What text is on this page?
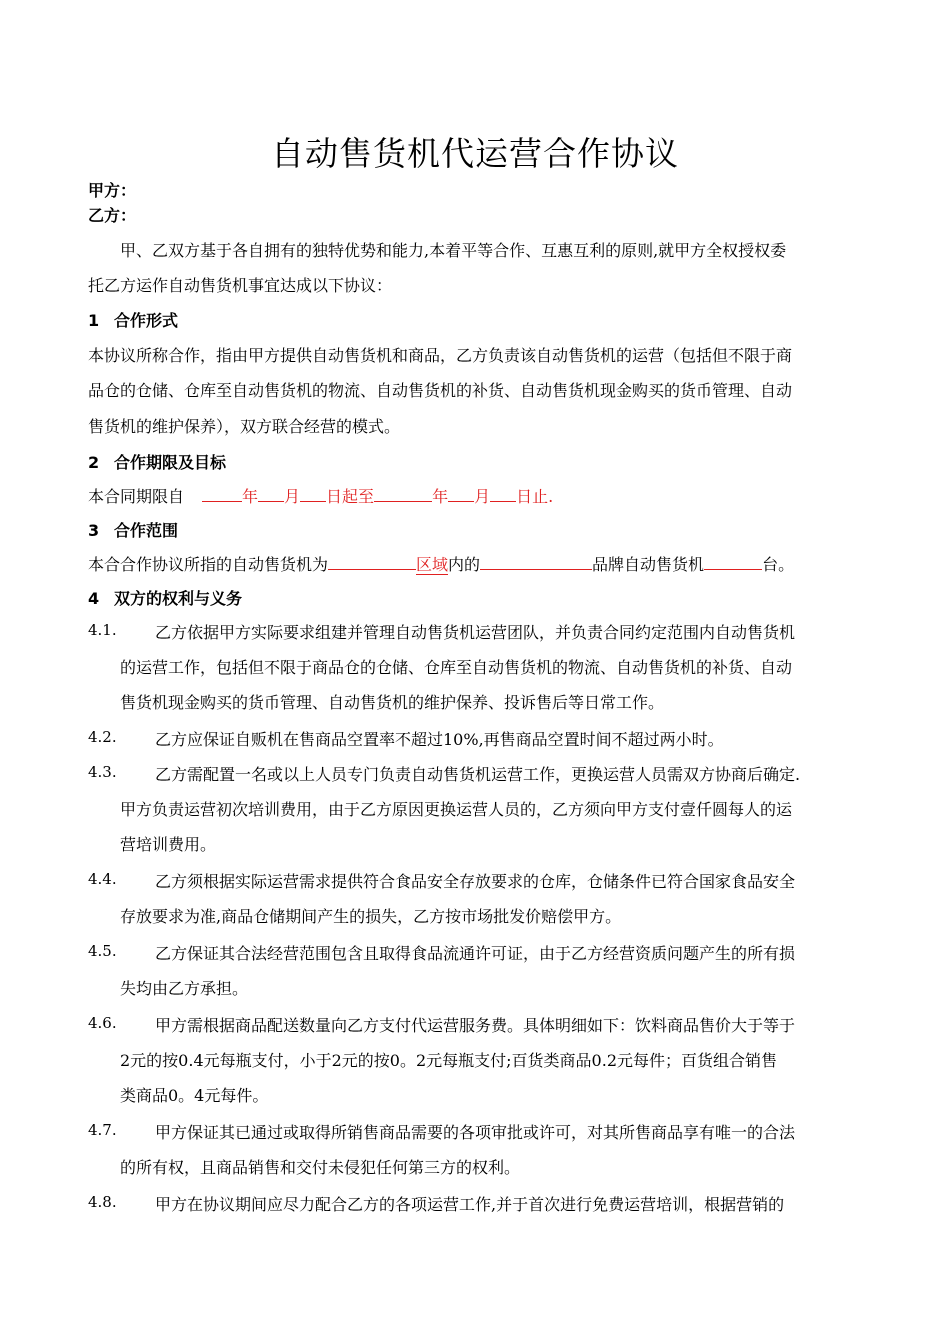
自动售货机代运营合作协议
甲方：
乙方：
甲、乙双方基于各自拥有的独特优势和能力,本着平等合作、互惠互利的原则,就甲方全权授权委
托乙方运作自动售货机事宜达成以下协议：
1 合作形式
本协议所称合作，指由甲方提供自动售货机和商品，乙方负责该自动售货机的运营（包括但不限于商
品仓的仓储、仓库至自动售货机的物流、自动售货机的补货、自动售货机现金购买的货币管理、自动
售货机的维护保养），双方联合经营的模式。
2 合作期限及目标
本合同期限自	年 月 日起至	年 月 日止.
3 合作范围
本合合作协议所指的自动售货机为	区域内的	品牌自动售货机	台。
4 双方的权利与义务
4.1. 乙方依据甲方实际要求组建并管理自动售货机运营团队，并负责合同约定范围内自动售货机
的运营工作，包括但不限于商品仓的仓储、仓库至自动售货机的物流、自动售货机的补货、自动
售货机现金购买的货币管理、自动售货机的维护保养、投诉售后等日常工作。
4.2. 乙方应保证自贩机在售商品空置率不超过10%,再售商品空置时间不超过两小时。
4.3. 乙方需配置一名或以上人员专门负责自动售货机运营工作，更换运营人员需双方协商后确定.
甲方负责运营初次培训费用，由于乙方原因更换运营人员的，乙方须向甲方支付壹仟圆每人的运
营培训费用。
4.4. 乙方须根据实际运营需求提供符合食品安全存放要求的仓库，仓储条件已符合国家食品安全
存放要求为准,商品仓储期间产生的损失，乙方按市场批发价赔偿甲方。
4.5. 乙方保证其合法经营范围包含且取得食品流通许可证，由于乙方经营资质问题产生的所有损
失均由乙方承担。
4.6. 甲方需根据商品配送数量向乙方支付代运营服务费。具体明细如下：饮料商品售价大于等于
2元的按0.4元每瓶支付，小于2元的按0。2元每瓶支付;百货类商品0.2元每件；百货组合销售
类商品0。4元每件。
4.7. 甲方保证其已通过或取得所销售商品需要的各项审批或许可，对其所售商品享有唯一的合法
的所有权，且商品销售和交付未侵犯任何第三方的权利。
4.8. 甲方在协议期间应尽力配合乙方的各项运营工作,并于首次进行免费运营培训，根据营销的
